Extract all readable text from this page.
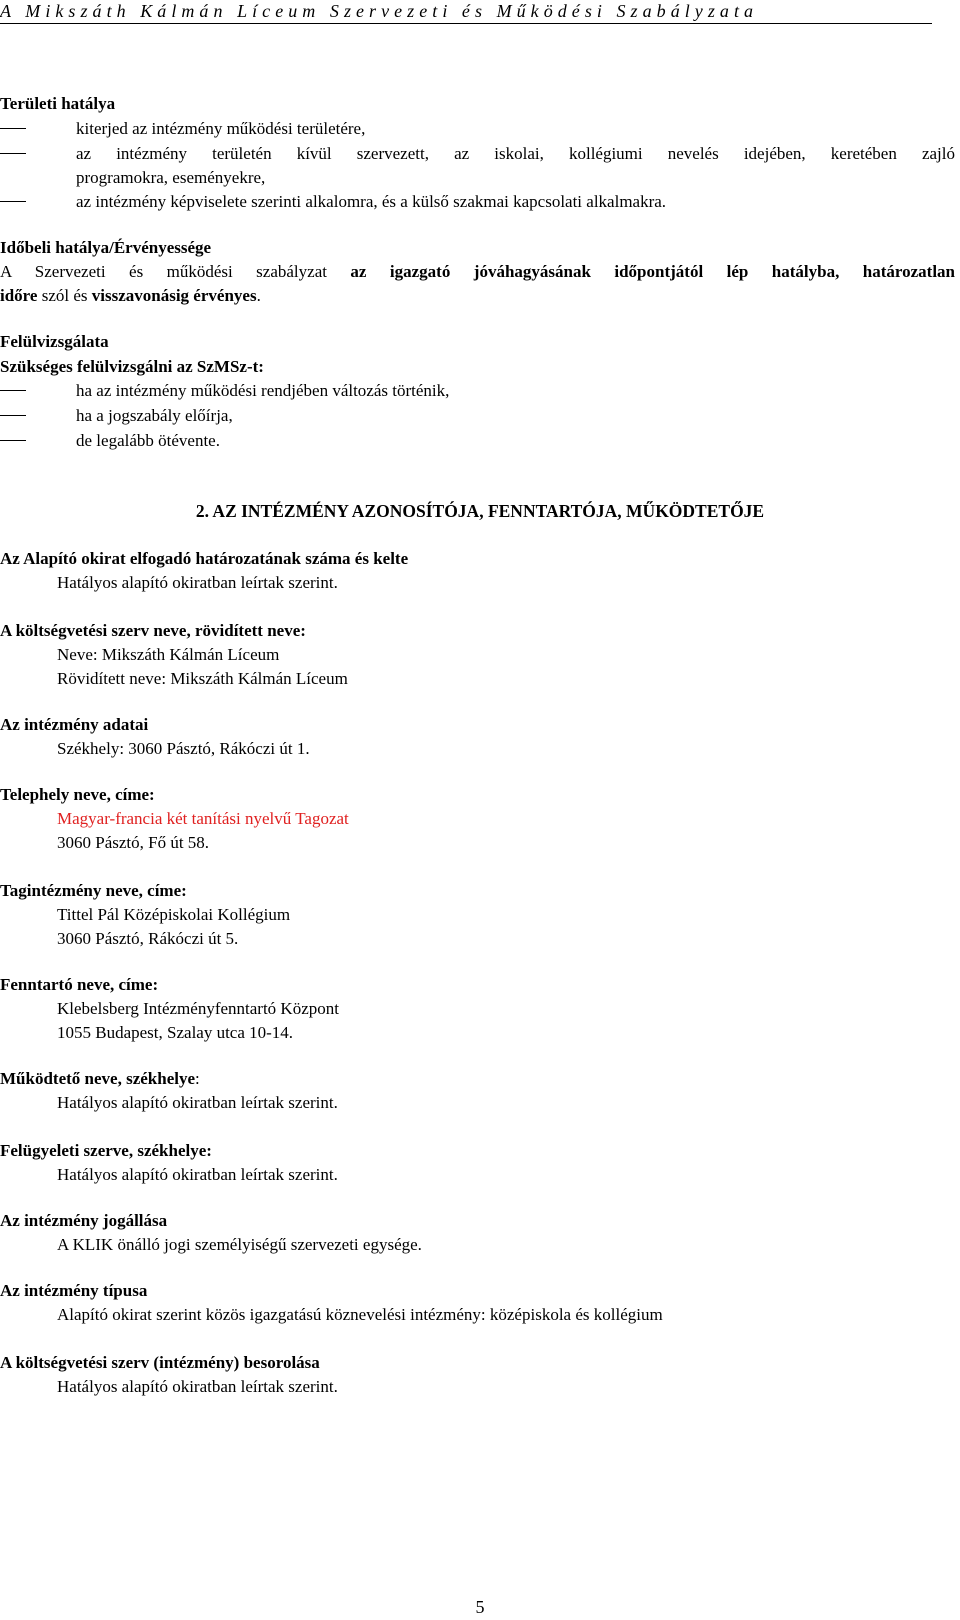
A Mikszáth Kálmán Líceum Szervezeti és Működési Szabályzata
Területi hatálya
kiterjed az intézmény működési területére,
az intézmény területén kívül szervezett, az iskolai, kollégiumi nevelés idejében, keretében zajló
programokra, eseményekre,
az intézmény képviselete szerinti alkalomra, és a külső szakmai kapcsolati alkalmakra.
Időbeli hatálya/Érvényessége
A Szervezeti és működési szabályzat az igazgató jóváhagyásának időpontjától lép hatályba, határozatlan
időre szól és visszavonásig érvényes.
Felülvizsgálata
Szükséges felülvizsgálni az SzMSz-t:
ha az intézmény működési rendjében változás történik,
ha a jogszabály előírja,
de legalább ötévente.
2. AZ INTÉZMÉNY AZONOSÍTÓJA, FENNTARTÓJA, MŰKÖDTETŐJE
Az Alapító okirat elfogadó határozatának száma és kelte
Hatályos alapító okiratban leírtak szerint.
A költségvetési szerv neve, rövidített neve:
Neve: Mikszáth Kálmán Líceum
Rövidített neve: Mikszáth Kálmán Líceum
Az intézmény adatai
Székhely: 3060 Pásztó, Rákóczi út 1.
Telephely neve, címe:
Magyar-francia két tanítási nyelvű Tagozat
3060 Pásztó, Fő út 58.
Tagintézmény neve, címe:
Tittel Pál Középiskolai Kollégium
3060 Pásztó, Rákóczi út 5.
Fenntartó neve, címe:
Klebelsberg Intézményfenntartó Központ
1055 Budapest, Szalay utca 10-14.
Működtető neve, székhelye:
Hatályos alapító okiratban leírtak szerint.
Felügyeleti szerve, székhelye:
Hatályos alapító okiratban leírtak szerint.
Az intézmény jogállása
A KLIK önálló jogi személyiségű szervezeti egysége.
Az intézmény típusa
Alapító okirat szerint közös igazgatású köznevelési intézmény: középiskola és kollégium
A költségvetési szerv (intézmény) besorolása
Hatályos alapító okiratban leírtak szerint.
5
